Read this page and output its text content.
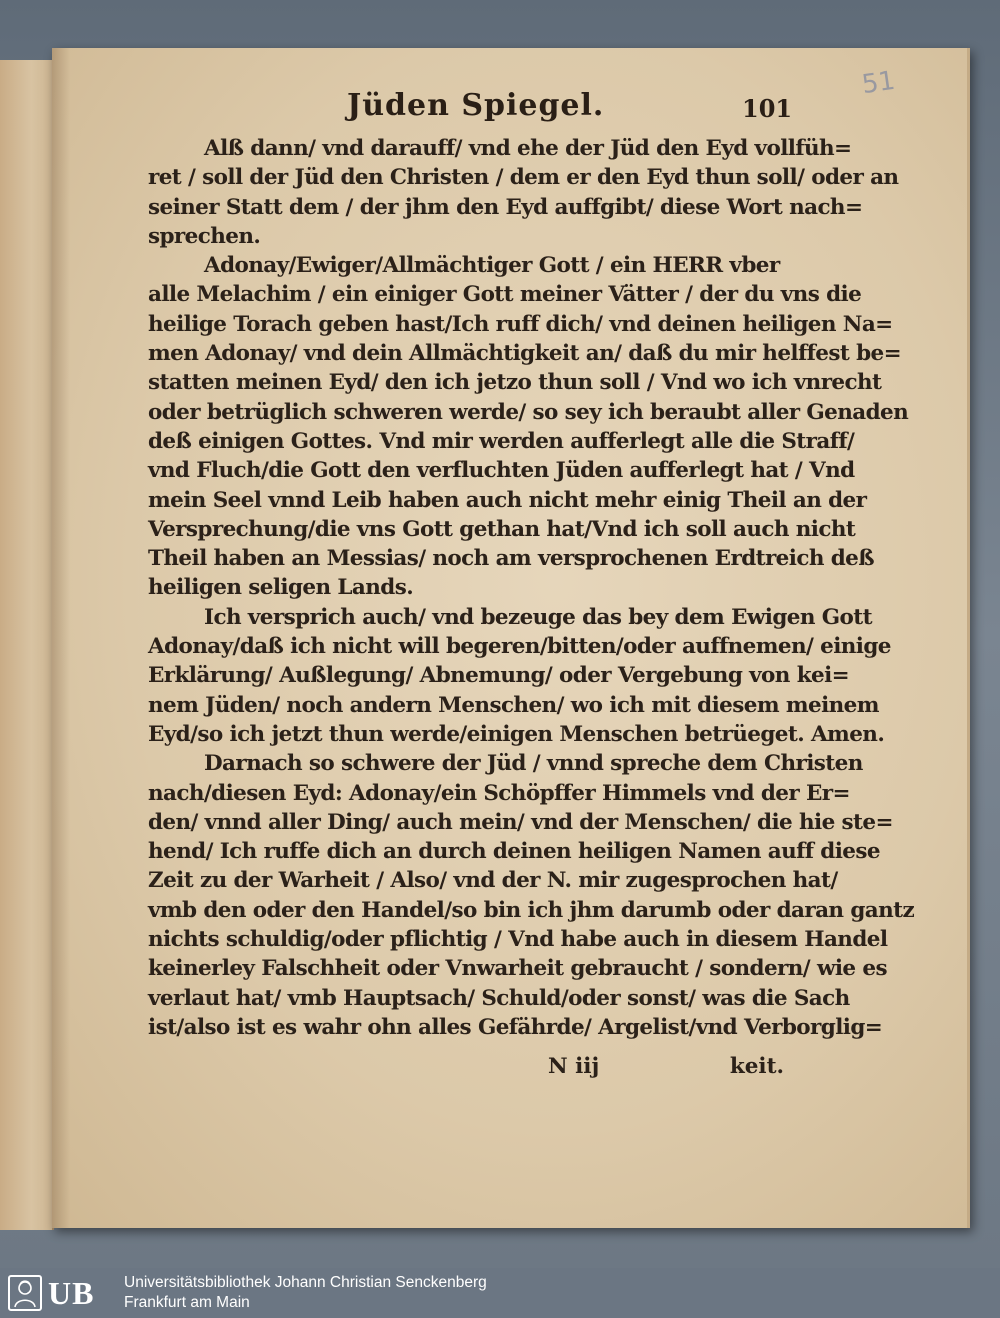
51
Jüden Spiegel.	101
Alß dann/ vnd darauff/ vnd ehe der Jüd den Eyd vollfüh=
ret / soll der Jüd den Christen / dem er den Eyd thun soll/ oder an
seiner Statt dem / der jhm den Eyd auffgibt/ diese Wort nach=
sprechen.
Adonay/Ewiger/Allmächtiger Gott / ein HERR vber
alle Melachim / ein einiger Gott meiner Vätter / der du vns die
heilige Torach geben hast/Ich ruff dich/ vnd deinen heiligen Na=
men Adonay/ vnd dein Allmächtigkeit an/ daß du mir helffest be=
statten meinen Eyd/ den ich jetzo thun soll / Vnd wo ich vnrecht
oder betrüglich schweren werde/ so sey ich beraubt aller Genaden
deß einigen Gottes. Vnd mir werden aufferlegt alle die Straff/
vnd Fluch/die Gott den verfluchten Jüden aufferlegt hat / Vnd
mein Seel vnnd Leib haben auch nicht mehr einig Theil an der
Versprechung/die vns Gott gethan hat/Vnd ich soll auch nicht
Theil haben an Messias/ noch am versprochenen Erdtreich deß
heiligen seligen Lands.
Ich versprich auch/ vnd bezeuge das bey dem Ewigen Gott
Adonay/daß ich nicht will begeren/bitten/oder auffnemen/ einige
Erklärung/ Außlegung/ Abnemung/ oder Vergebung von kei=
nem Jüden/ noch andern Menschen/ wo ich mit diesem meinem
Eyd/so ich jetzt thun werde/einigen Menschen betrüeget. Amen.
Darnach so schwere der Jüd / vnnd spreche dem Christen
nach/diesen Eyd: Adonay/ein Schöpffer Himmels vnd der Er=
den/ vnnd aller Ding/ auch mein/ vnd der Menschen/ die hie ste=
hend/ Ich ruffe dich an durch deinen heiligen Namen auff diese
Zeit zu der Warheit / Also/ vnd der N. mir zugesprochen hat/
vmb den oder den Handel/so bin ich jhm darumb oder daran gantz
nichts schuldig/oder pflichtig / Vnd habe auch in diesem Handel
keinerley Falschheit oder Vnwarheit gebraucht / sondern/ wie es
verlaut hat/ vmb Hauptsach/ Schuld/oder sonst/ was die Sach
ist/also ist es wahr ohn alles Gefährde/ Argelist/vnd Verborglig=
N iij	keit.
UB Universitätsbibliothek Johann Christian Senckenberg
Frankfurt am Main
